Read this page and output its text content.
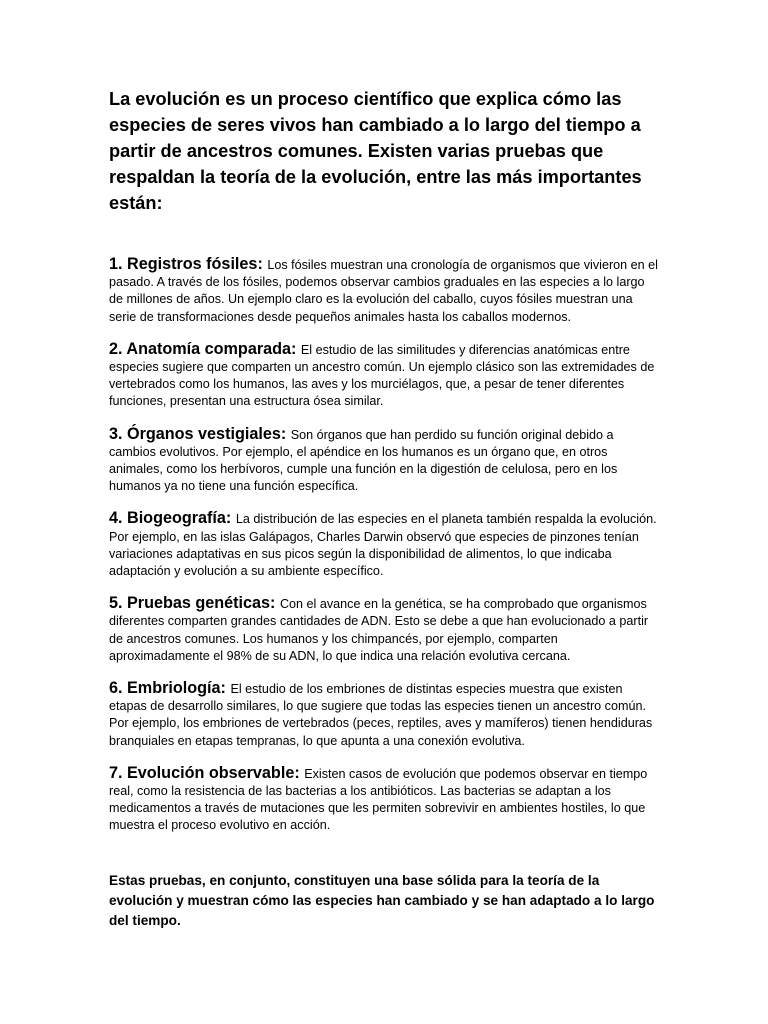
La evolución es un proceso científico que explica cómo las especies de seres vivos han cambiado a lo largo del tiempo a partir de ancestros comunes. Existen varias pruebas que respaldan la teoría de la evolución, entre las más importantes están:

1. Registros fósiles: Los fósiles muestran una cronología de organismos que vivieron en el pasado. A través de los fósiles, podemos observar cambios graduales en las especies a lo largo de millones de años. Un ejemplo claro es la evolución del caballo, cuyos fósiles muestran una serie de transformaciones desde pequeños animales hasta los caballos modernos.

2. Anatomía comparada: El estudio de las similitudes y diferencias anatómicas entre especies sugiere que comparten un ancestro común. Un ejemplo clásico son las extremidades de vertebrados como los humanos, las aves y los murciélagos, que, a pesar de tener diferentes funciones, presentan una estructura ósea similar.

3. Órganos vestigiales: Son órganos que han perdido su función original debido a cambios evolutivos. Por ejemplo, el apéndice en los humanos es un órgano que, en otros animales, como los herbívoros, cumple una función en la digestión de celulosa, pero en los humanos ya no tiene una función específica.

4. Biogeografía: La distribución de las especies en el planeta también respalda la evolución. Por ejemplo, en las islas Galápagos, Charles Darwin observó que especies de pinzones tenían variaciones adaptativas en sus picos según la disponibilidad de alimentos, lo que indicaba adaptación y evolución a su ambiente específico.

5. Pruebas genéticas: Con el avance en la genética, se ha comprobado que organismos diferentes comparten grandes cantidades de ADN. Esto se debe a que han evolucionado a partir de ancestros comunes. Los humanos y los chimpancés, por ejemplo, comparten aproximadamente el 98% de su ADN, lo que indica una relación evolutiva cercana.

6. Embriología: El estudio de los embriones de distintas especies muestra que existen etapas de desarrollo similares, lo que sugiere que todas las especies tienen un ancestro común. Por ejemplo, los embriones de vertebrados (peces, reptiles, aves y mamíferos) tienen hendiduras branquiales en etapas tempranas, lo que apunta a una conexión evolutiva.

7. Evolución observable: Existen casos de evolución que podemos observar en tiempo real, como la resistencia de las bacterias a los antibióticos. Las bacterias se adaptan a los medicamentos a través de mutaciones que les permiten sobrevivir en ambientes hostiles, lo que muestra el proceso evolutivo en acción.

Estas pruebas, en conjunto, constituyen una base sólida para la teoría de la evolución y muestran cómo las especies han cambiado y se han adaptado a lo largo del tiempo.
